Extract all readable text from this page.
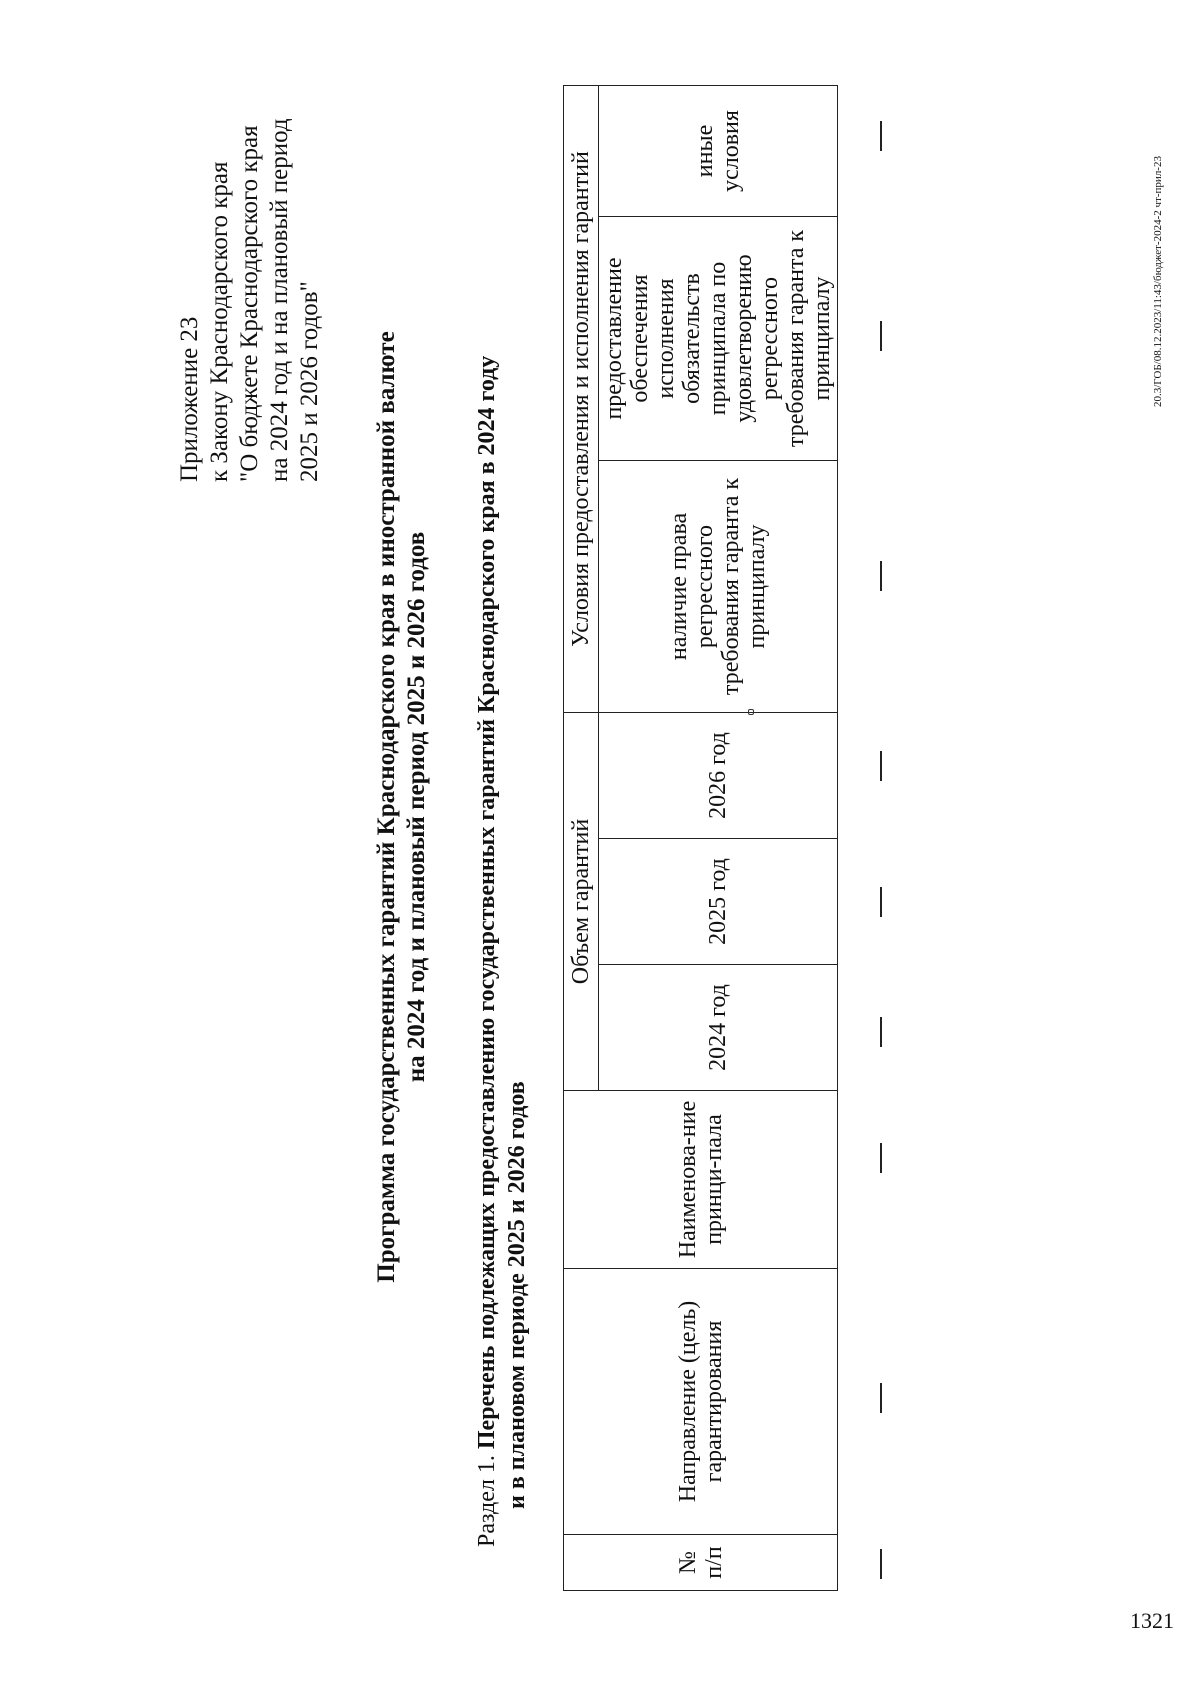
Приложение 23 к Закону Краснодарского края "О бюджете Краснодарского края на 2024 год и на плановый период 2025 и 2026 годов" Программа государственных гарантий Краснодарского края в иностранной валюте на 2024 год и плановый период 2025 и 2026 годов
Раздел 1. Перечень подлежащих предоставлению государственных гарантий Краснодарского края в 2024 году и в плановом периоде 2025 и 2026 годов
№ п/п	Направление (цель) гарантирования	Наименова-ние принци-пала	Объем гарантий			Условия предоставления и исполнения гарантий		
			2024 год	2025 год	2026 год	наличие права регрессного требования гаранта к принципалу	предоставление обеспечения исполнения обязательств принципала по удовлетворению регрессного требования гаранта к принципалу	иные условия
20.3/ГОБ/08.12.2023/11:43/бюджет-2024-2 чт-прил-23
1321
